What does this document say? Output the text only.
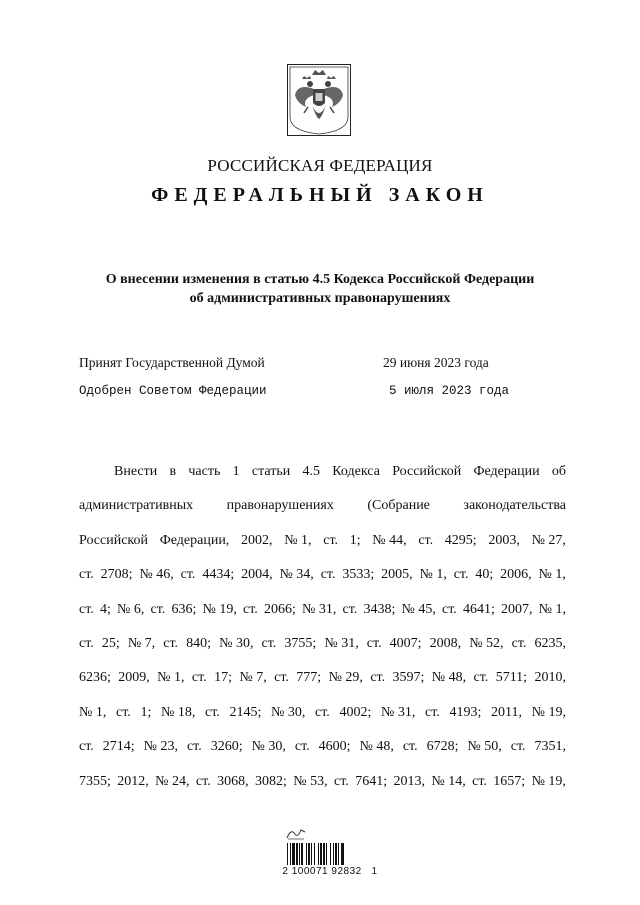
РОССИЙСКАЯ ФЕДЕРАЦИЯ
ФЕДЕРАЛЬНЫЙ ЗАКОН
О внесении изменения в статью 4.5 Кодекса Российской Федерации
об административных правонарушениях
Принят Государственной Думой	29 июня 2023 года
Одобрен Советом Федерации	5 июля 2023 года
Внести в часть 1 статьи 4.5 Кодекса Российской Федерации об
административных правонарушениях (Собрание законодательства
Российской Федерации, 2002, № 1, ст. 1; № 44, ст. 4295; 2003, № 27,
ст. 2708; № 46, ст. 4434; 2004, № 34, ст. 3533; 2005, № 1, ст. 40; 2006, № 1,
ст. 4; № 6, ст. 636; № 19, ст. 2066; № 31, ст. 3438; № 45, ст. 4641; 2007, № 1,
ст. 25; № 7, ст. 840; № 30, ст. 3755; № 31, ст. 4007; 2008, № 52, ст. 6235,
6236; 2009, № 1, ст. 17; № 7, ст. 777; № 29, ст. 3597; № 48, ст. 5711; 2010,
№ 1, ст. 1; № 18, ст. 2145; № 30, ст. 4002; № 31, ст. 4193; 2011, № 19,
ст. 2714; № 23, ст. 3260; № 30, ст. 4600; № 48, ст. 6728; № 50, ст. 7351,
7355; 2012, № 24, ст. 3068, 3082; № 53, ст. 7641; 2013, № 14, ст. 1657; № 19,
2 100071 92832   1
